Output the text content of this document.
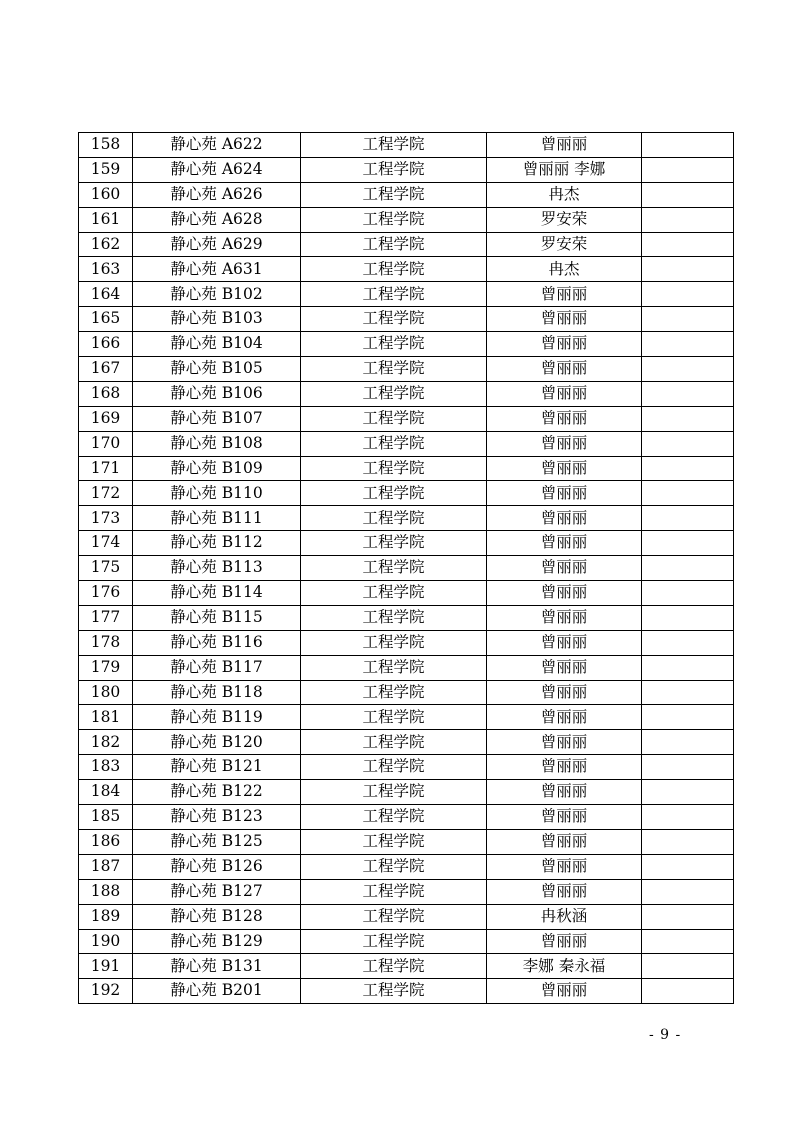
158	静心苑 A622	工程学院	曾丽丽	
159	静心苑 A624	工程学院	曾丽丽 李娜	
160	静心苑 A626	工程学院	冉杰	
161	静心苑 A628	工程学院	罗安荣	
162	静心苑 A629	工程学院	罗安荣	
163	静心苑 A631	工程学院	冉杰	
164	静心苑 B102	工程学院	曾丽丽	
165	静心苑 B103	工程学院	曾丽丽	
166	静心苑 B104	工程学院	曾丽丽	
167	静心苑 B105	工程学院	曾丽丽	
168	静心苑 B106	工程学院	曾丽丽	
169	静心苑 B107	工程学院	曾丽丽	
170	静心苑 B108	工程学院	曾丽丽	
171	静心苑 B109	工程学院	曾丽丽	
172	静心苑 B110	工程学院	曾丽丽	
173	静心苑 B111	工程学院	曾丽丽	
174	静心苑 B112	工程学院	曾丽丽	
175	静心苑 B113	工程学院	曾丽丽	
176	静心苑 B114	工程学院	曾丽丽	
177	静心苑 B115	工程学院	曾丽丽	
178	静心苑 B116	工程学院	曾丽丽	
179	静心苑 B117	工程学院	曾丽丽	
180	静心苑 B118	工程学院	曾丽丽	
181	静心苑 B119	工程学院	曾丽丽	
182	静心苑 B120	工程学院	曾丽丽	
183	静心苑 B121	工程学院	曾丽丽	
184	静心苑 B122	工程学院	曾丽丽	
185	静心苑 B123	工程学院	曾丽丽	
186	静心苑 B125	工程学院	曾丽丽	
187	静心苑 B126	工程学院	曾丽丽	
188	静心苑 B127	工程学院	曾丽丽	
189	静心苑 B128	工程学院	冉秋涵	
190	静心苑 B129	工程学院	曾丽丽	
191	静心苑 B131	工程学院	李娜 秦永福	
192	静心苑 B201	工程学院	曾丽丽	
- 9 -
